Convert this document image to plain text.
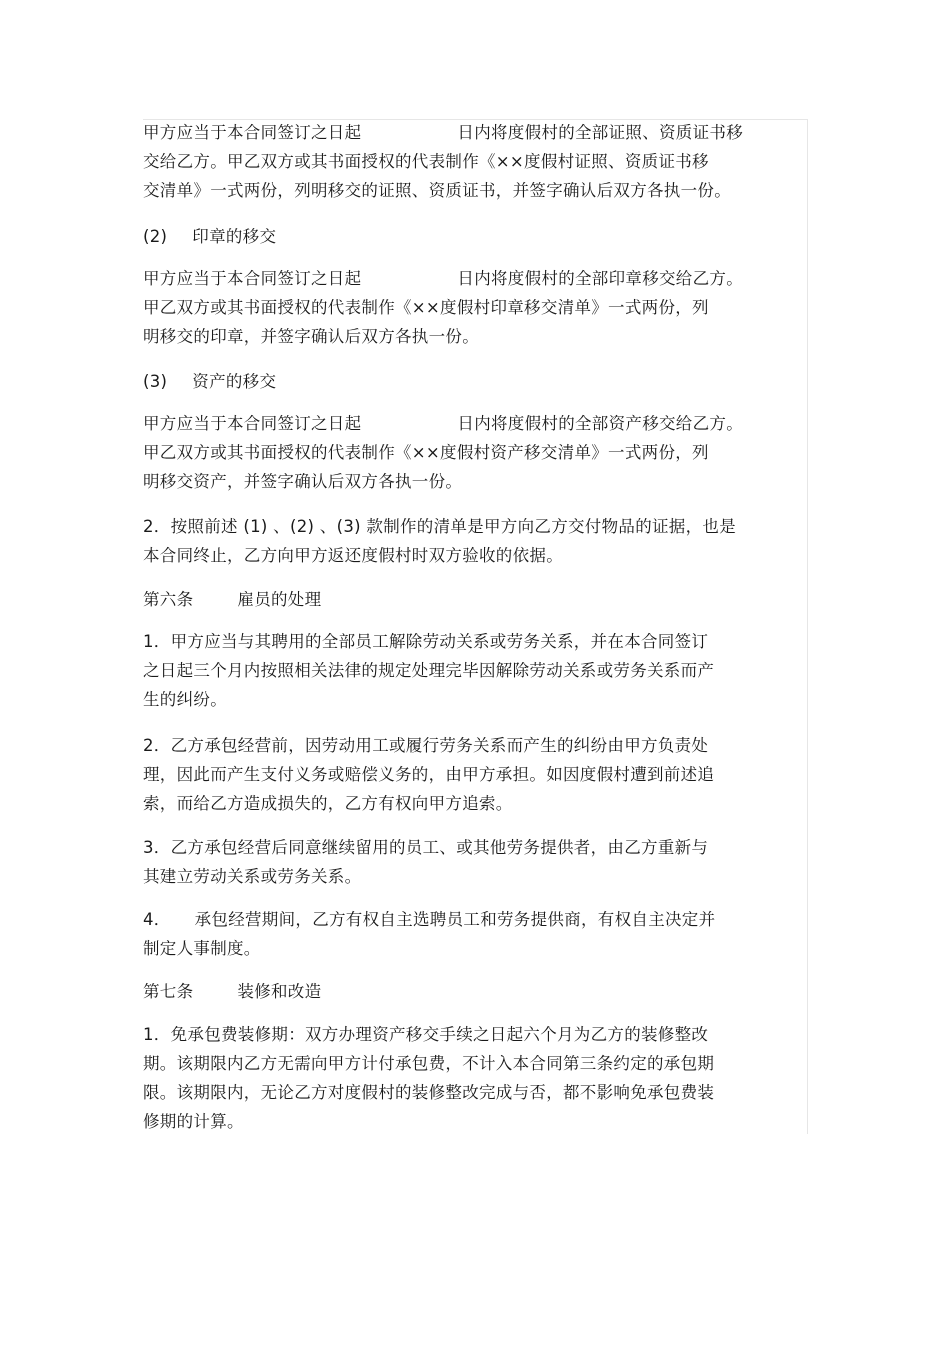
甲方应当于本合同签订之日起	日内将度假村的全部证照、资质证书移
交给乙方。甲乙双方或其书面授权的代表制作《××度假村证照、资质证书移
交清单》一式两份，列明移交的证照、资质证书，并签字确认后双方各执一份。
(2) 印章的移交
甲方应当于本合同签订之日起	日内将度假村的全部印章移交给乙方。
甲乙双方或其书面授权的代表制作《××度假村印章移交清单》一式两份，列
明移交的印章，并签字确认后双方各执一份。
(3) 资产的移交
甲方应当于本合同签订之日起	日内将度假村的全部资产移交给乙方。
甲乙双方或其书面授权的代表制作《××度假村资产移交清单》一式两份，列
明移交资产，并签字确认后双方各执一份。
2．按照前述 (1) 、(2) 、(3) 款制作的清单是甲方向乙方交付物品的证据，也是
本合同终止，乙方向甲方返还度假村时双方验收的依据。
第六条	雇员的处理
1．甲方应当与其聘用的全部员工解除劳动关系或劳务关系，并在本合同签订
之日起三个月内按照相关法律的规定处理完毕因解除劳动关系或劳务关系而产
生的纠纷。
2．乙方承包经营前，因劳动用工或履行劳务关系而产生的纠纷由甲方负责处
理，因此而产生支付义务或赔偿义务的，由甲方承担。如因度假村遭到前述追
索，而给乙方造成损失的，乙方有权向甲方追索。
3．乙方承包经营后同意继续留用的员工、或其他劳务提供者，由乙方重新与
其建立劳动关系或劳务关系。
4． 承包经营期间，乙方有权自主选聘员工和劳务提供商，有权自主决定并
制定人事制度。
第七条	装修和改造
1．免承包费装修期：双方办理资产移交手续之日起六个月为乙方的装修整改
期。该期限内乙方无需向甲方计付承包费，不计入本合同第三条约定的承包期
限。该期限内，无论乙方对度假村的装修整改完成与否，都不影响免承包费装
修期的计算。
